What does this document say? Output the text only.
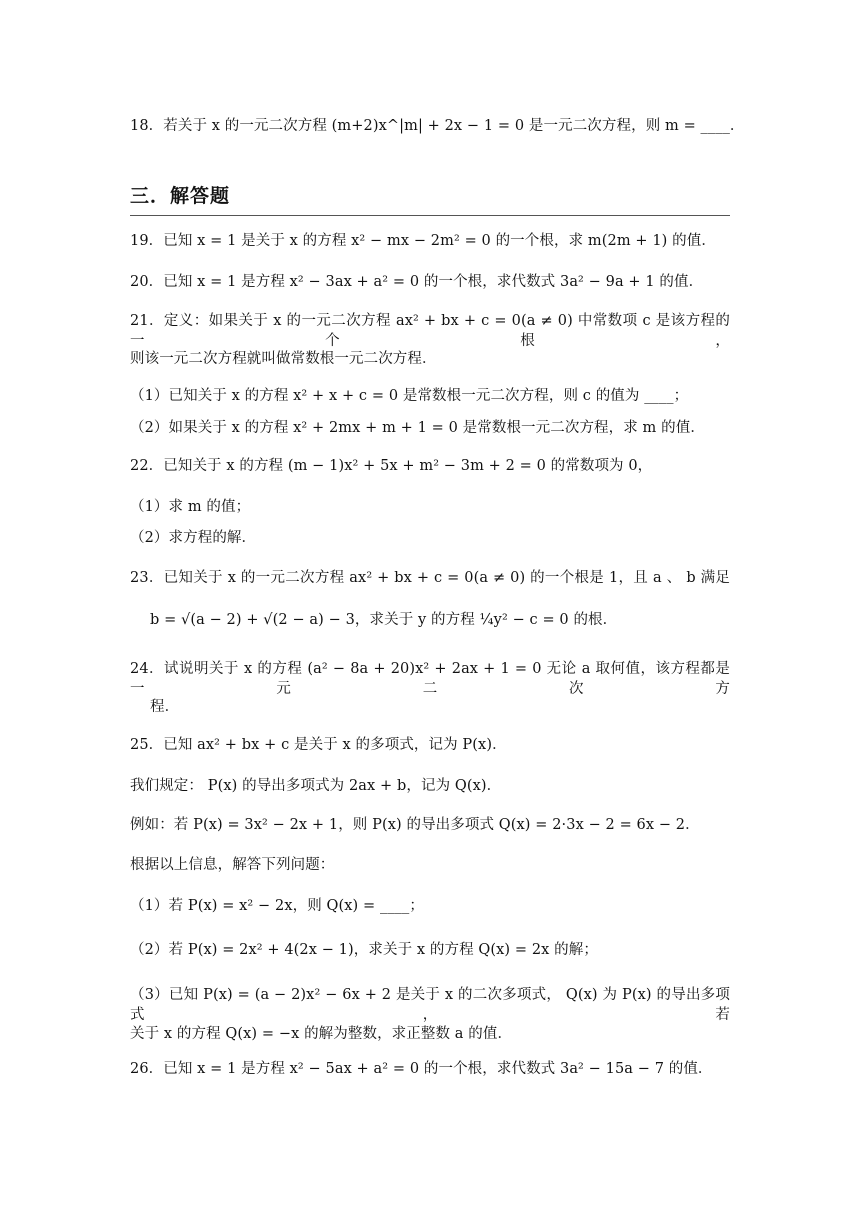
18．若关于 x 的一元二次方程 (m+2)x^|m| + 2x − 1 = 0 是一元二次方程，则 m = ____．
三．解答题
19．已知 x = 1 是关于 x 的方程 x² − mx − 2m² = 0 的一个根，求 m(2m + 1) 的值．
20．已知 x = 1 是方程 x² − 3ax + a² = 0 的一个根，求代数式 3a² − 9a + 1 的值．
21．定义：如果关于 x 的一元二次方程 ax² + bx + c = 0(a ≠ 0) 中常数项 c 是该方程的一个根，
则该一元二次方程就叫做常数根一元二次方程．
（1）已知关于 x 的方程 x² + x + c = 0 是常数根一元二次方程，则 c 的值为 ____；
（2）如果关于 x 的方程 x² + 2mx + m + 1 = 0 是常数根一元二次方程，求 m 的值．
22．已知关于 x 的方程 (m − 1)x² + 5x + m² − 3m + 2 = 0 的常数项为 0，
（1）求 m 的值；
（2）求方程的解．
23．已知关于 x 的一元二次方程 ax² + bx + c = 0(a ≠ 0) 的一个根是 1，且 a 、 b 满足
b = √(a − 2) + √(2 − a) − 3，求关于 y 的方程 ¼y² − c = 0 的根．
24．试说明关于 x 的方程 (a² − 8a + 20)x² + 2ax + 1 = 0 无论 a 取何值，该方程都是一元二次方
程．
25．已知 ax² + bx + c 是关于 x 的多项式，记为 P(x)．
我们规定： P(x) 的导出多项式为 2ax + b，记为 Q(x)．
例如：若 P(x) = 3x² − 2x + 1，则 P(x) 的导出多项式 Q(x) = 2·3x − 2 = 6x − 2．
根据以上信息，解答下列问题：
（1）若 P(x) = x² − 2x，则 Q(x) = ____；
（2）若 P(x) = 2x² + 4(2x − 1)，求关于 x 的方程 Q(x) = 2x 的解；
（3）已知 P(x) = (a − 2)x² − 6x + 2 是关于 x 的二次多项式， Q(x) 为 P(x) 的导出多项式，若
关于 x 的方程 Q(x) = −x 的解为整数，求正整数 a 的值．
26．已知 x = 1 是方程 x² − 5ax + a² = 0 的一个根，求代数式 3a² − 15a − 7 的值．
